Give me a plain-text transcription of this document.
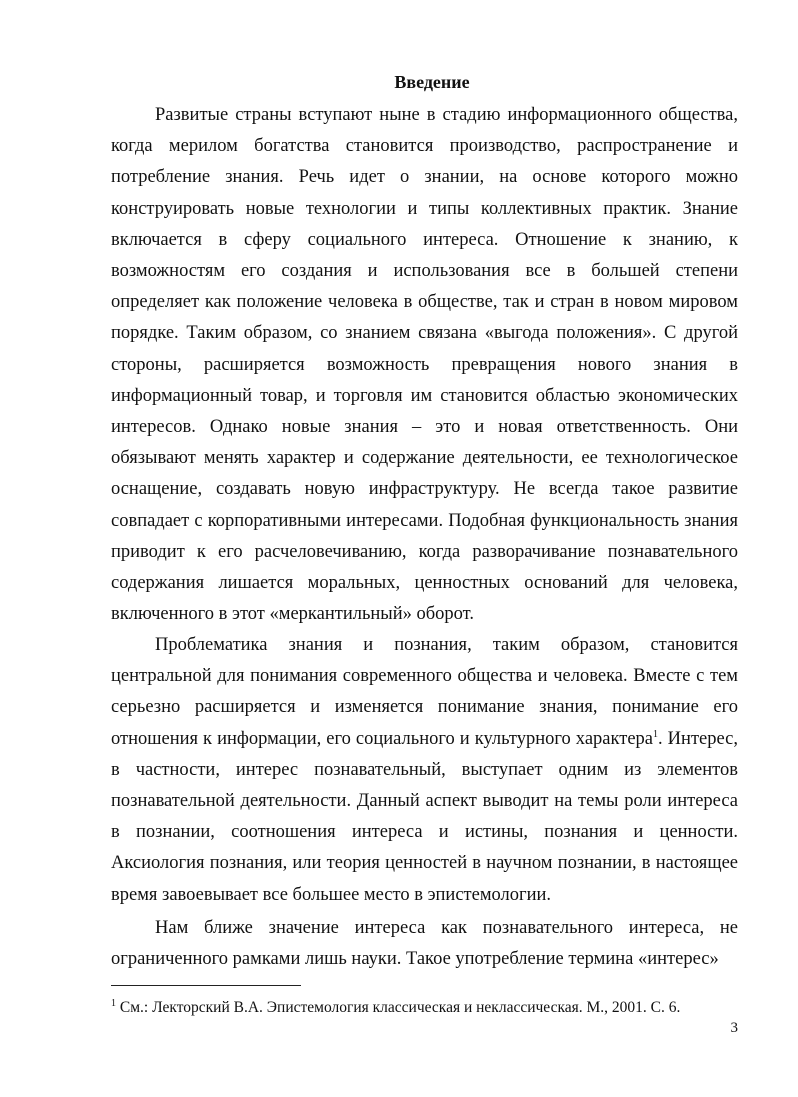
Введение

Развитые страны вступают ныне в стадию информационного общества, когда мерилом богатства становится производство, распространение и потребление знания. Речь идет о знании, на основе которого можно конструировать новые технологии и типы коллективных практик. Знание включается в сферу социального интереса. Отношение к знанию, к возможностям его создания и использования все в большей степени определяет как положение человека в обществе, так и стран в новом мировом порядке. Таким образом, со знанием связана «выгода положения». С другой стороны, расширяется возможность превращения нового знания в информационный товар, и торговля им становится областью экономических интересов. Однако новые знания – это и новая ответственность. Они обязывают менять характер и содержание деятельности, ее технологическое оснащение, создавать новую инфраструктуру. Не всегда такое развитие совпадает с корпоративными интересами. Подобная функциональность знания приводит к его расчеловечиванию, когда разворачивание познавательного содержания лишается моральных, ценностных оснований для человека, включенного в этот «меркантильный» оборот.

Проблематика знания и познания, таким образом, становится центральной для понимания современного общества и человека. Вместе с тем серьезно расширяется и изменяется понимание знания, понимание его отношения к информации, его социального и культурного характера$^1$. Интерес, в частности, интерес познавательный, выступает одним из элементов познавательной деятельности. Данный аспект выводит на темы роли интереса в познании, соотношения интереса и истины, познания и ценности. Аксиология познания, или теория ценностей в научном познании, в настоящее время завоевывает все большее место в эпистемологии.

Нам ближе значение интереса как познавательного интереса, не ограниченного рамками лишь науки. Такое употребление термина «интерес»

$^1$ См.: Лекторский В.А. Эпистемология классическая и неклассическая. М., 2001. С. 6.
3
